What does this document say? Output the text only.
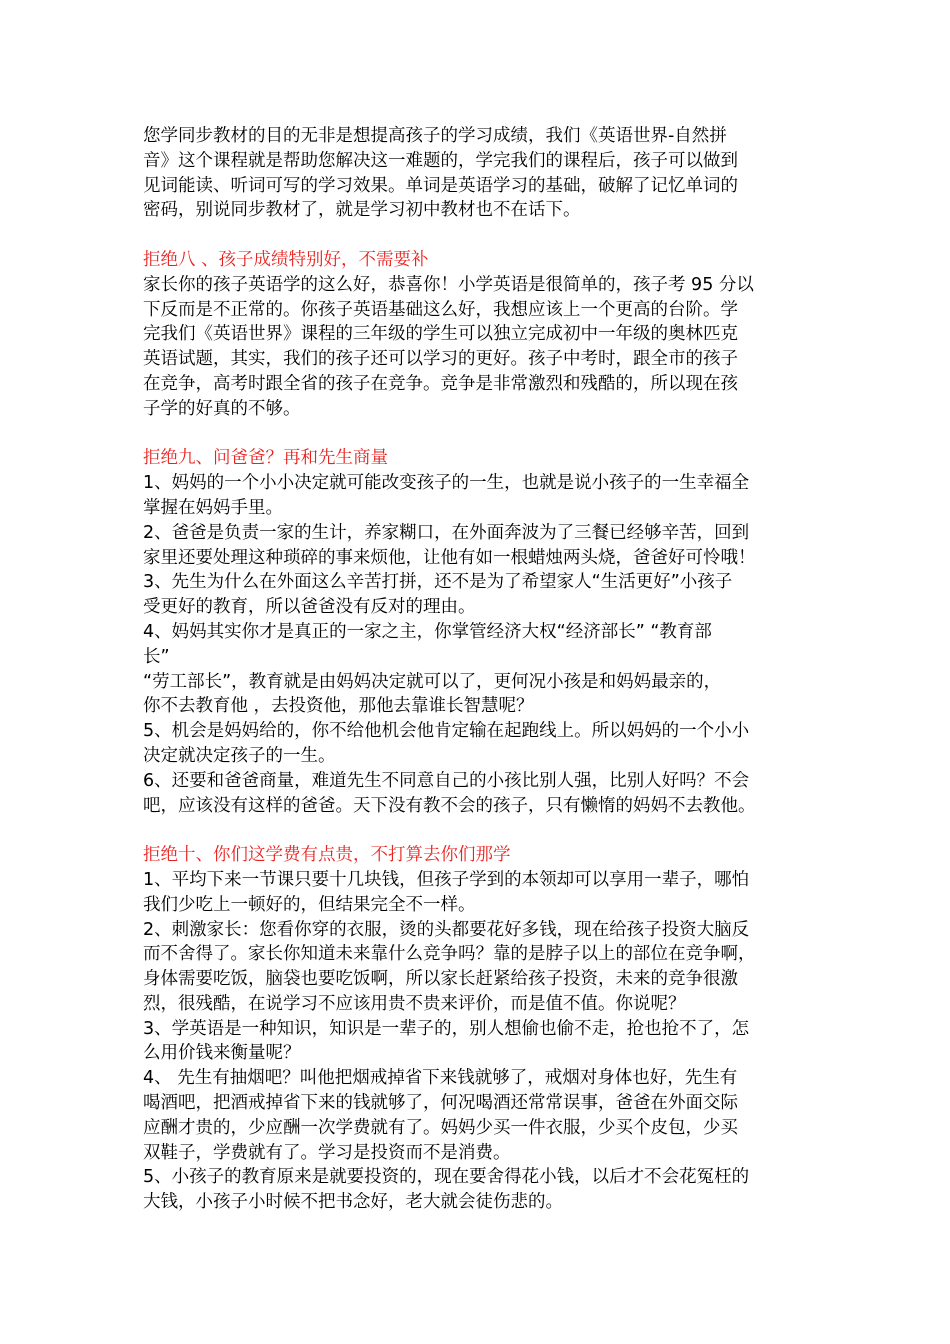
您学同步教材的目的无非是想提高孩子的学习成绩，我们《英语世界-自然拼

音》这个课程就是帮助您解决这一难题的，学完我们的课程后，孩子可以做到

见词能读、听词可写的学习效果。单词是英语学习的基础，破解了记忆单词的

密码，别说同步教材了，就是学习初中教材也不在话下。

拒绝八 、孩子成绩特别好，不需要补

家长你的孩子英语学的这么好，恭喜你！小学英语是很简单的，孩子考 95 分以

下反而是不正常的。你孩子英语基础这么好，我想应该上一个更高的台阶。学

完我们《英语世界》课程的三年级的学生可以独立完成初中一年级的奥林匹克

英语试题，其实，我们的孩子还可以学习的更好。孩子中考时，跟全市的孩子

在竞争，高考时跟全省的孩子在竞争。竞争是非常激烈和残酷的，所以现在孩

子学的好真的不够。

拒绝九、问爸爸？再和先生商量

1、妈妈的一个小小决定就可能改变孩子的一生，也就是说小孩子的一生幸福全

掌握在妈妈手里。

2、爸爸是负责一家的生计，养家糊口，在外面奔波为了三餐已经够辛苦，回到

家里还要处理这种琐碎的事来烦他，让他有如一根蜡烛两头烧，爸爸好可怜哦！

3、先生为什么在外面这么辛苦打拼，还不是为了希望家人“生活更好”小孩子

受更好的教育，所以爸爸没有反对的理由。

4、妈妈其实你才是真正的一家之主，你掌管经济大权“经济部长” “教育部

长”

“劳工部长”，教育就是由妈妈决定就可以了，更何况小孩是和妈妈最亲的，

你不去教育他 ，去投资他，那他去靠谁长智慧呢？

5、机会是妈妈给的，你不给他机会他肯定输在起跑线上。所以妈妈的一个小小

决定就决定孩子的一生。

6、还要和爸爸商量，难道先生不同意自己的小孩比别人强，比别人好吗？不会

吧，应该没有这样的爸爸。天下没有教不会的孩子，只有懒惰的妈妈不去教他。

拒绝十、你们这学费有点贵，不打算去你们那学

1、平均下来一节课只要十几块钱，但孩子学到的本领却可以享用一辈子，哪怕

我们少吃上一顿好的，但结果完全不一样。

2、刺激家长：您看你穿的衣服，烫的头都要花好多钱，现在给孩子投资大脑反

而不舍得了。家长你知道未来靠什么竞争吗？靠的是脖子以上的部位在竞争啊，

身体需要吃饭，脑袋也要吃饭啊，所以家长赶紧给孩子投资，未来的竞争很激

烈，很残酷，在说学习不应该用贵不贵来评价，而是值不值。你说呢？

3、学英语是一种知识，知识是一辈子的，别人想偷也偷不走，抢也抢不了，怎

么用价钱来衡量呢？

4、 先生有抽烟吧？叫他把烟戒掉省下来钱就够了，戒烟对身体也好，先生有

喝酒吧，把酒戒掉省下来的钱就够了，何况喝酒还常常误事，爸爸在外面交际

应酬才贵的，少应酬一次学费就有了。妈妈少买一件衣服，少买个皮包，少买

双鞋子，学费就有了。学习是投资而不是消费。

5、小孩子的教育原来是就要投资的，现在要舍得花小钱，以后才不会花冤枉的

大钱，小孩子小时候不把书念好，老大就会徒伤悲的。
